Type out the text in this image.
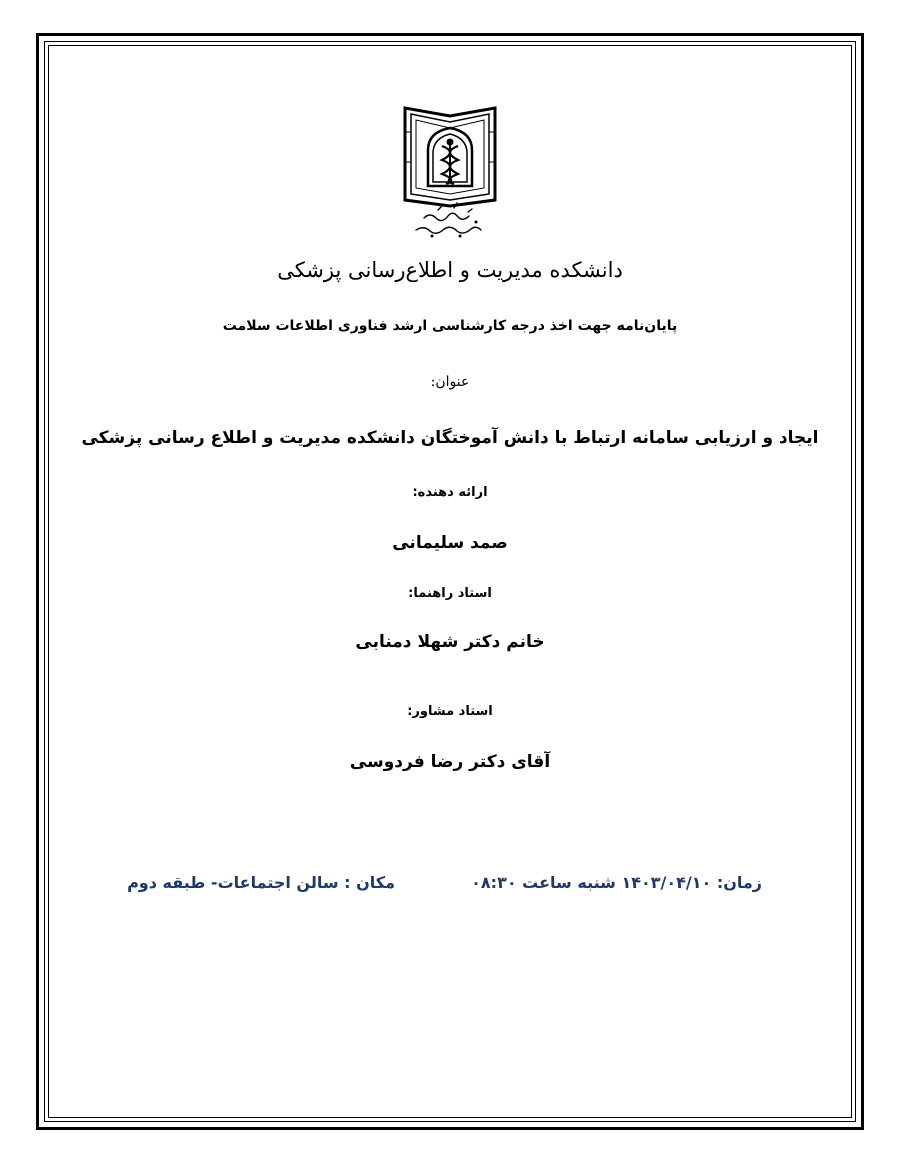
دانشکده مدیریت و اطلاع‌رسانی پزشکی
پایان‌نامه جهت اخذ درجه کارشناسی ارشد فناوری اطلاعات سلامت
عنوان:
ایجاد و ارزیابی سامانه ارتباط با دانش آموختگان دانشکده مدیریت و اطلاع رسانی پزشکی
ارائه دهنده:
صمد سلیمانی
استاد راهنما:
خانم دکتر شهلا دمنابی
استاد مشاور:
آقای دکتر رضا فردوسی
زمان: ۱۴۰۳/۰۴/۱۰ شنبه ساعت ۰۸:۳۰
مکان : سالن اجتماعات- طبقه دوم
